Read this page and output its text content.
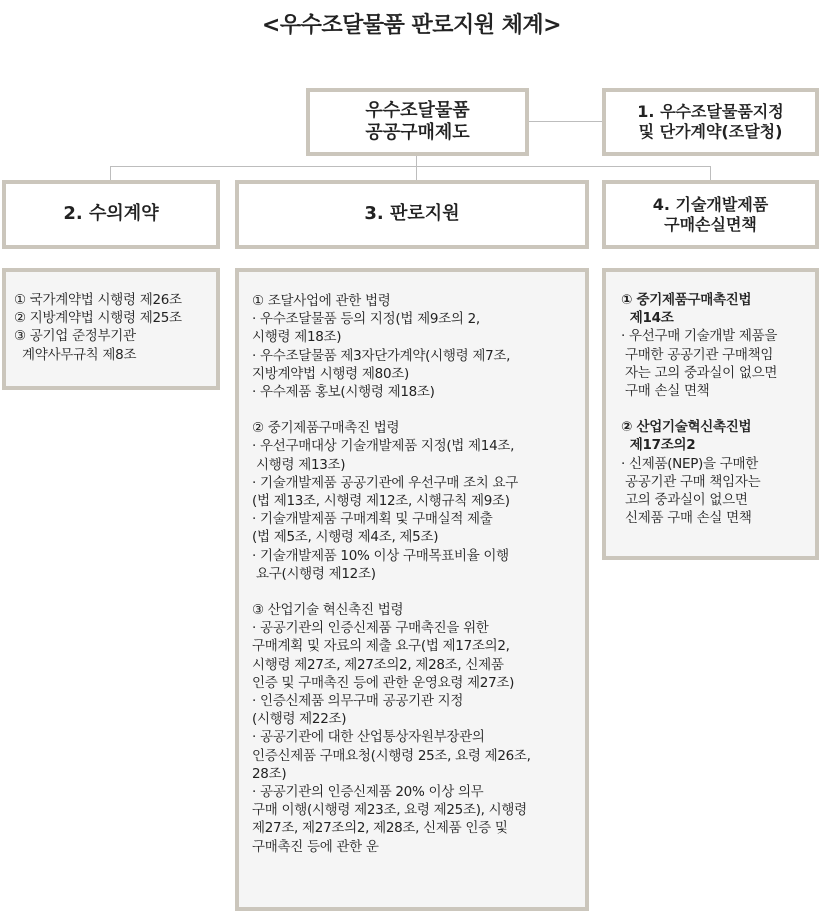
<우수조달물품 판로지원 체계>
우수조달물품
공공구매제도
1. 우수조달물품지정
및 단가계약(조달청)
2. 수의계약	3. 판로지원	4. 기술개발제품
구매손실면책
① 국가계약법 시행령 제26조
② 지방계약법 시행령 제25조
③ 공기업 준정부기관
계약사무규칙 제8조
① 조달사업에 관한 법령
· 우수조달물품 등의 지정(법 제9조의 2,
시행령 제18조)
· 우수조달물품 제3자단가계약(시행령 제7조,
지방계약법 시행령 제80조)
· 우수제품 홍보(시행령 제18조)
② 중기제품구매촉진 법령
· 우선구매대상 기술개발제품 지정(법 제14조,
시행령 제13조)
· 기술개발제품 공공기관에 우선구매 조치 요구
(법 제13조, 시행령 제12조, 시행규칙 제9조)
· 기술개발제품 구매계획 및 구매실적 제출
(법 제5조, 시행령 제4조, 제5조)
· 기술개발제품 10% 이상 구매목표비율 이행
요구(시행령 제12조)
③ 산업기술 혁신촉진 법령
· 공공기관의 인증신제품 구매촉진을 위한
구매계획 및 자료의 제출 요구(법 제17조의2,
시행령 제27조, 제27조의2, 제28조, 신제품
인증 및 구매촉진 등에 관한 운영요령 제27조)
· 인증신제품 의무구매 공공기관 지정
(시행령 제22조)
· 공공기관에 대한 산업통상자원부장관의
인증신제품 구매요청(시행령 25조, 요령 제26조,
28조)
· 공공기관의 인증신제품 20% 이상 의무
구매 이행(시행령 제23조, 요령 제25조), 시행령
제27조, 제27조의2, 제28조, 신제품 인증 및
구매촉진 등에 관한 운
① 중기제품구매촉진법
제14조
· 우선구매 기술개발 제품을
구매한 공공기관 구매책임
자는 고의 중과실이 없으면
구매 손실 면책
② 산업기술혁신촉진법
제17조의2
· 신제품(NEP)을 구매한
공공기관 구매 책임자는
고의 중과실이 없으면
신제품 구매 손실 면책
